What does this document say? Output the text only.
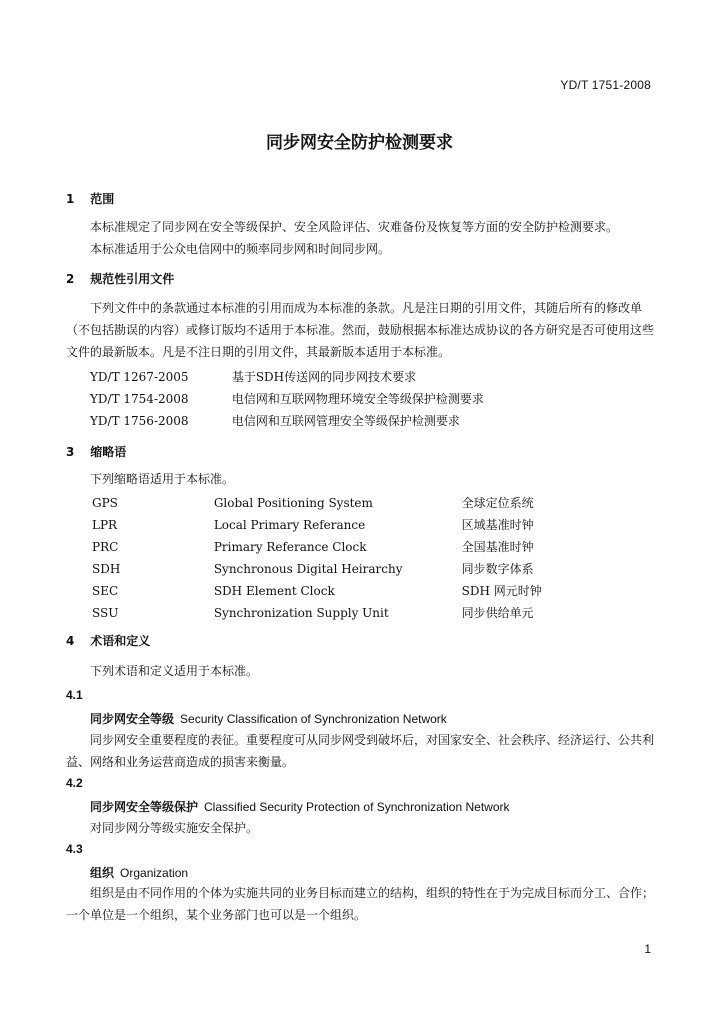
YD/T 1751-2008
同步网安全防护检测要求
1 范围
本标准规定了同步网在安全等级保护、安全风险评估、灾难备份及恢复等方面的安全防护检测要求。
本标准适用于公众电信网中的频率同步网和时间同步网。
2 规范性引用文件
下列文件中的条款通过本标准的引用而成为本标准的条款。凡是注日期的引用文件，其随后所有的修改单（不包括勘误的内容）或修订版均不适用于本标准。然而，鼓励根据本标准达成协议的各方研究是否可使用这些文件的最新版本。凡是不注日期的引用文件，其最新版本适用于本标准。
YD/T 1267-2005	基于SDH传送网的同步网技术要求
YD/T 1754-2008	电信网和互联网物理环境安全等级保护检测要求
YD/T 1756-2008	电信网和互联网管理安全等级保护检测要求
3 缩略语
下列缩略语适用于本标准。
GPS	Global Positioning System	全球定位系统
LPR	Local Primary Referance	区域基准时钟
PRC	Primary Referance Clock	全国基准时钟
SDH	Synchronous Digital Heirarchy	同步数字体系
SEC	SDH Element Clock	SDH 网元时钟
SSU	Synchronization Supply Unit	同步供给单元
4 术语和定义
下列术语和定义适用于本标准。
4.1
同步网安全等级 Security Classification of Synchronization Network
同步网安全重要程度的表征。重要程度可从同步网受到破坏后，对国家安全、社会秩序、经济运行、公共利益、网络和业务运营商造成的损害来衡量。
4.2
同步网安全等级保护 Classified Security Protection of Synchronization Network
对同步网分等级实施安全保护。
4.3
组织 Organization
组织是由不同作用的个体为实施共同的业务目标而建立的结构，组织的特性在于为完成目标而分工、合作；一个单位是一个组织，某个业务部门也可以是一个组织。
1
